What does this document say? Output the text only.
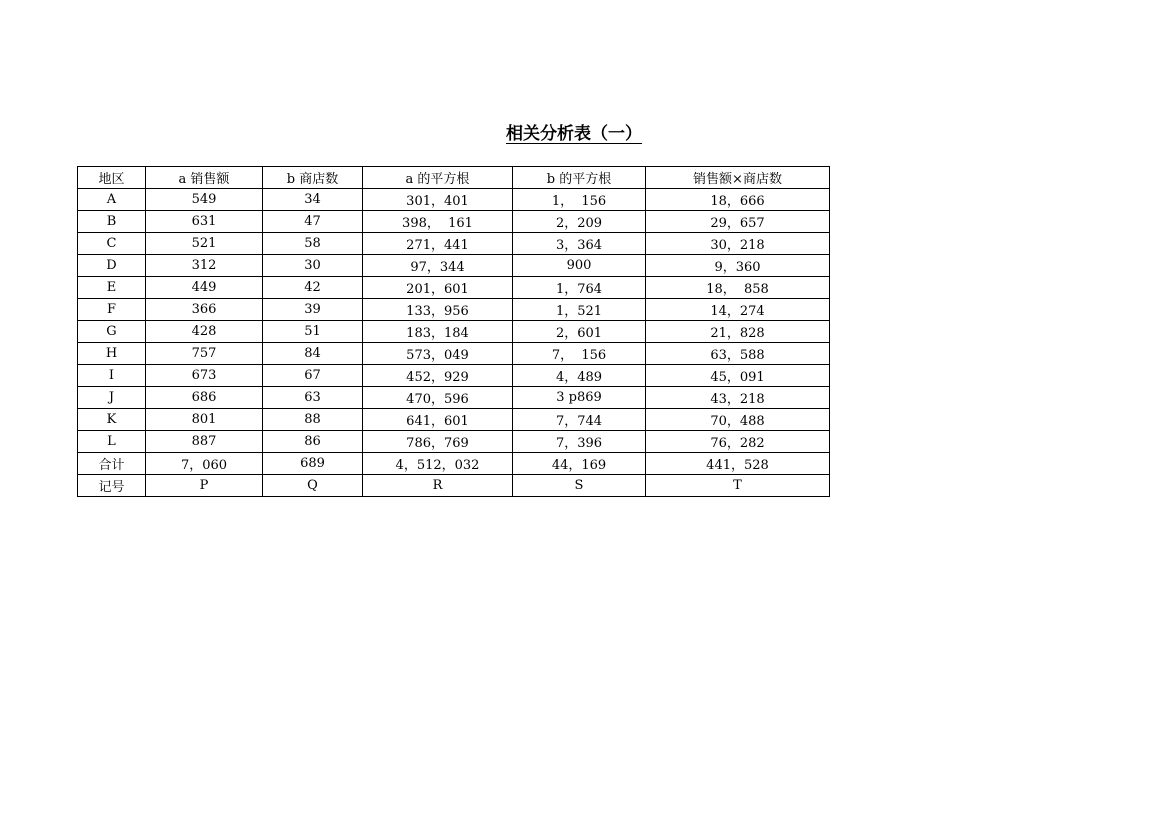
相关分析表（一）
地区	a 销售额	b 商店数	a 的平方根	b 的平方根	销售额×商店数
A	549	34	301，401	1，  156	18，666
B	631	47	398，  161	2，209	29，657
C	521	58	271，441	3，364	30，218
D	312	30	97，344	900	9，360
E	449	42	201，601	1，764	18，  858
F	366	39	133，956	1，521	14，274
G	428	51	183，184	2，601	21，828
H	757	84	573，049	7，  156	63，588
I	673	67	452，929	4，489	45，091
J	686	63	470，596	3 p869	43，218
K	801	88	641，601	7，744	70，488
L	887	86	786，769	7，396	76，282
合计	7，060	689	4，512，032	44，169	441，528
记号	P	Q	R	S	T
